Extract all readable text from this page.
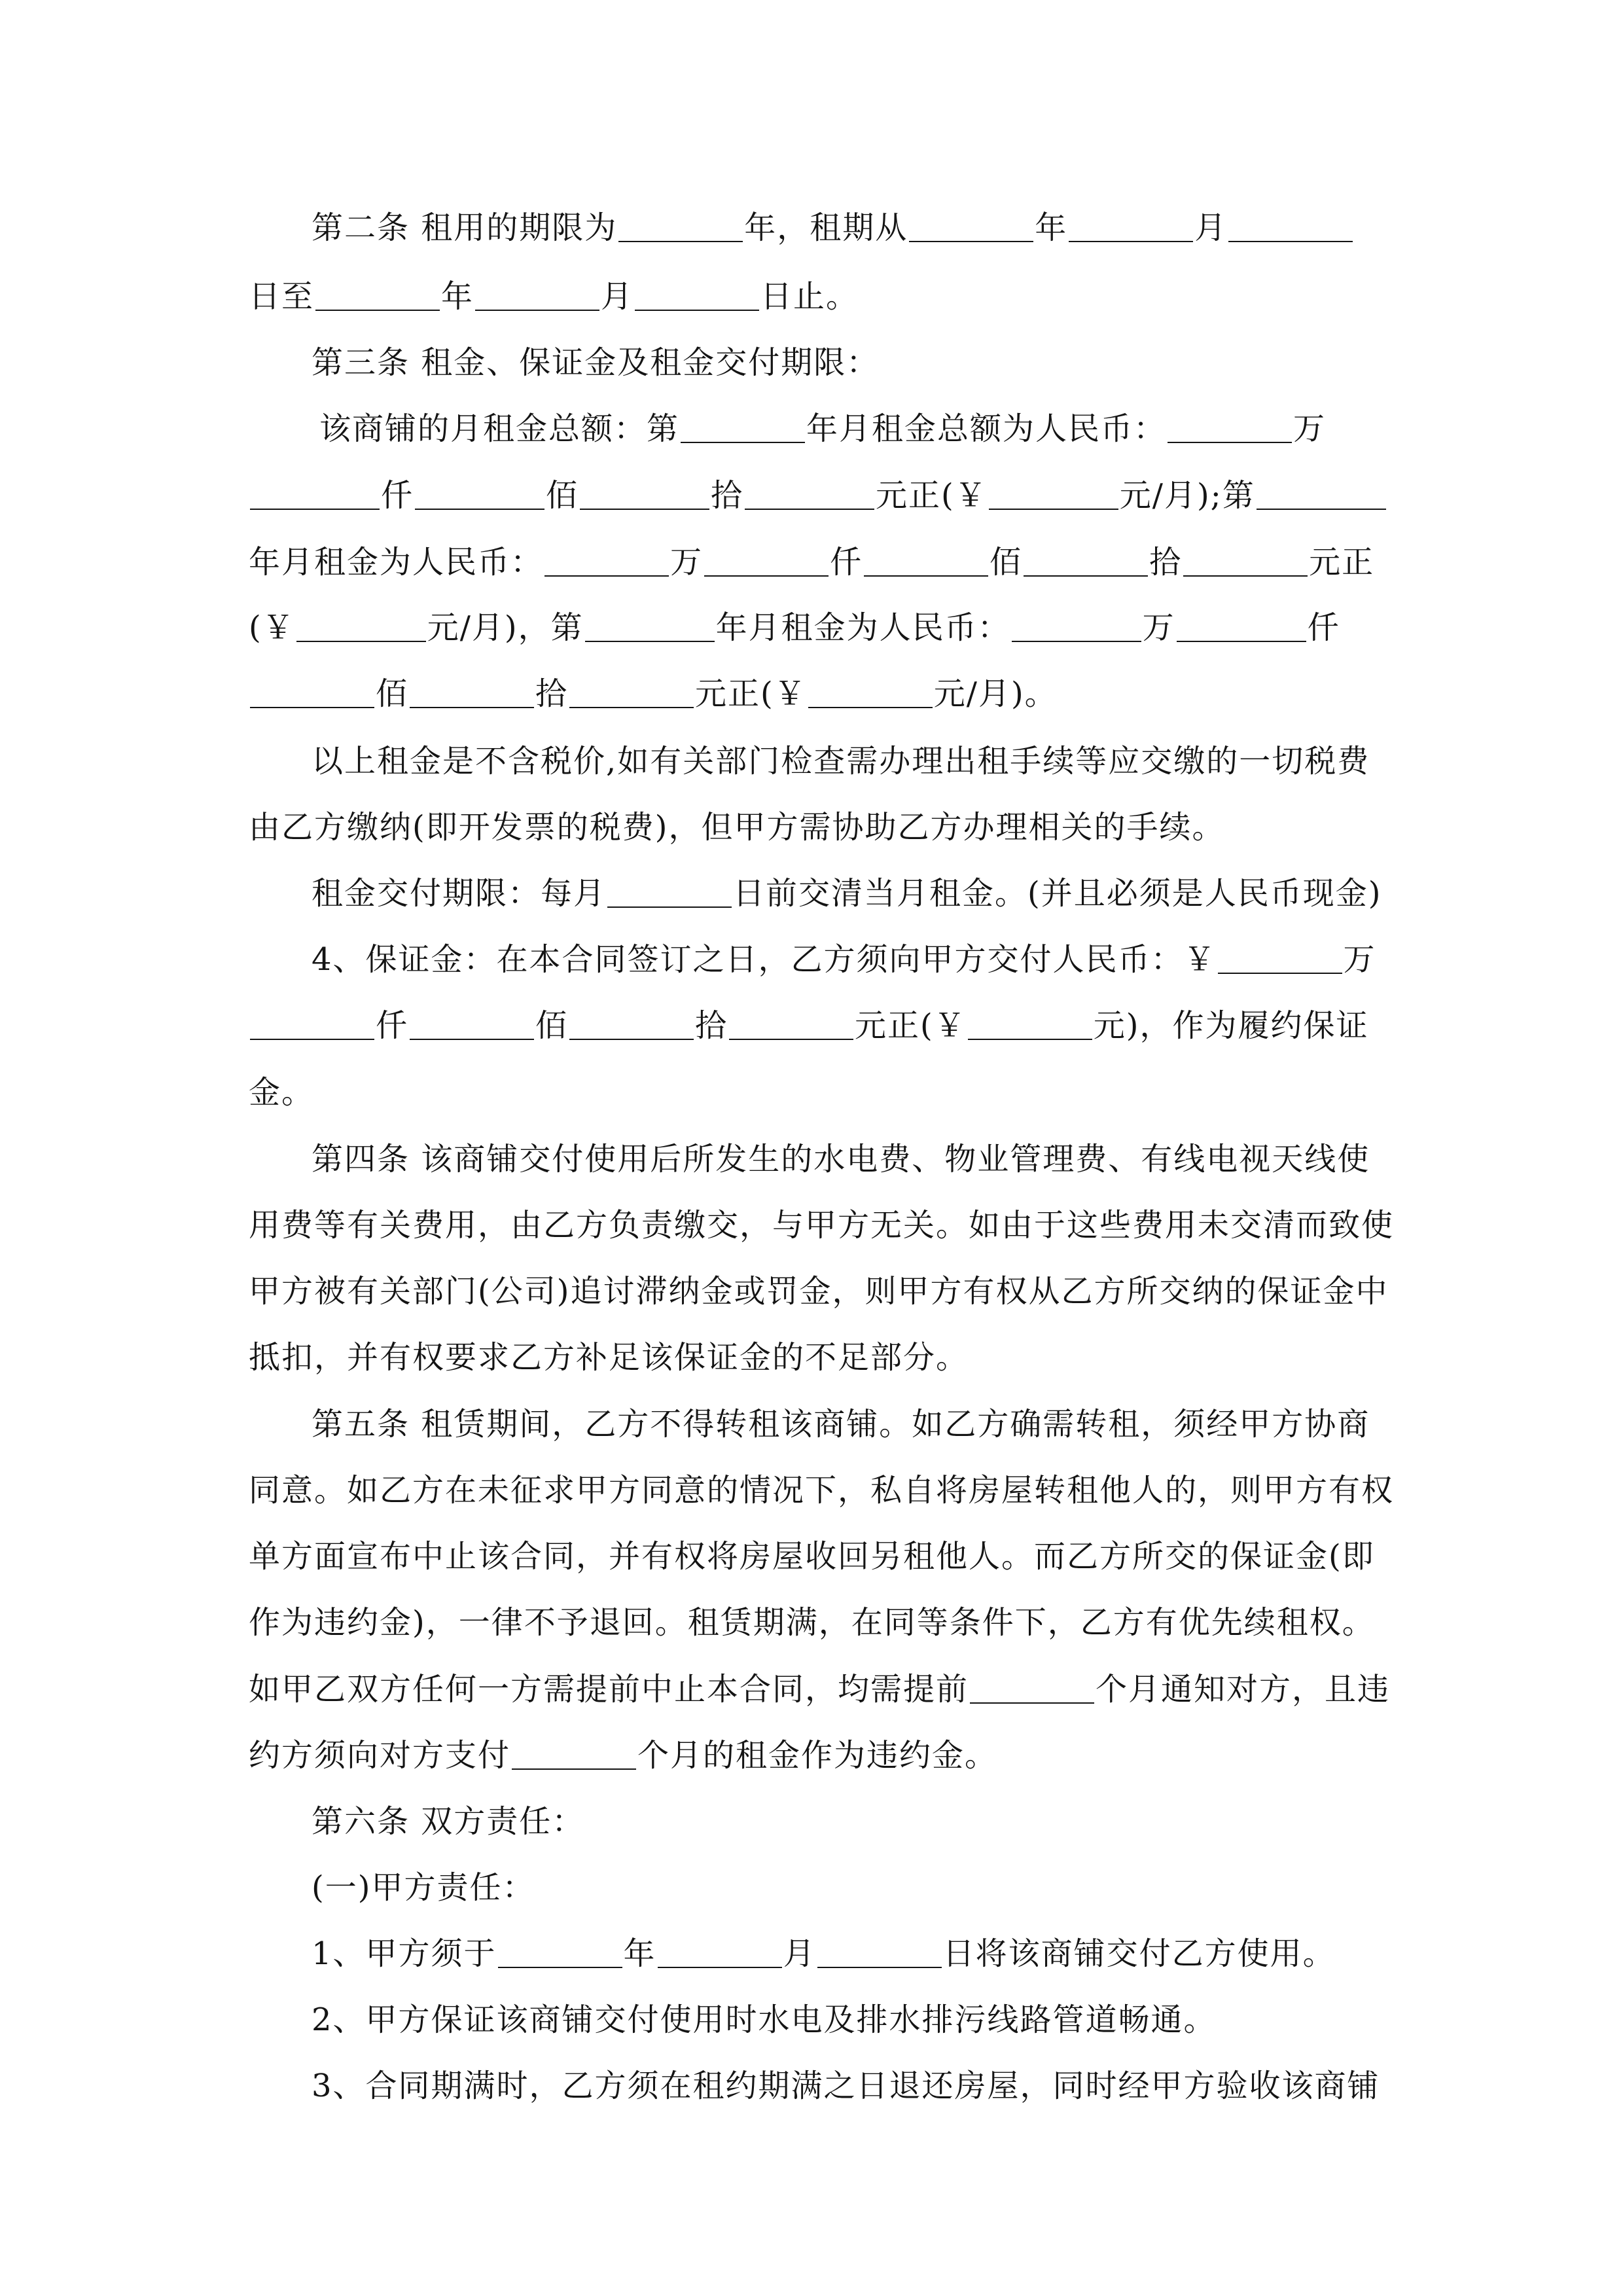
第二条 租用的期限为	年，租期从	年	月
日至	年	月	日止。
第三条 租金、保证金及租金交付期限：
该商铺的月租金总额：第	年月租金总额为人民币：	万
仟	佰	拾	元正(￥	元/月);第
年月租金为人民币：	万	仟	佰	拾	元正
(￥	元/月)，第	年月租金为人民币：	万	仟
佰	拾	元正(￥	元/月)。
以上租金是不含税价,如有关部门检查需办理出租手续等应交缴的一切税费
由乙方缴纳(即开发票的税费)，但甲方需协助乙方办理相关的手续。
租金交付期限：每月	日前交清当月租金。(并且必须是人民币现金)
4、保证金：在本合同签订之日，乙方须向甲方交付人民币：￥	万
仟	佰	拾	元正(￥	元)，作为履约保证
金。
第四条 该商铺交付使用后所发生的水电费、物业管理费、有线电视天线使
用费等有关费用，由乙方负责缴交，与甲方无关。如由于这些费用未交清而致使
甲方被有关部门(公司)追讨滞纳金或罚金，则甲方有权从乙方所交纳的保证金中
抵扣，并有权要求乙方补足该保证金的不足部分。
第五条 租赁期间，乙方不得转租该商铺。如乙方确需转租，须经甲方协商
同意。如乙方在未征求甲方同意的情况下，私自将房屋转租他人的，则甲方有权
单方面宣布中止该合同，并有权将房屋收回另租他人。而乙方所交的保证金(即
作为违约金)，一律不予退回。租赁期满，在同等条件下，乙方有优先续租权。
如甲乙双方任何一方需提前中止本合同，均需提前	个月通知对方，且违
约方须向对方支付	个月的租金作为违约金。
第六条 双方责任：
(一)甲方责任：
1、甲方须于	年	月	日将该商铺交付乙方使用。
2、甲方保证该商铺交付使用时水电及排水排污线路管道畅通。
3、合同期满时，乙方须在租约期满之日退还房屋，同时经甲方验收该商铺
